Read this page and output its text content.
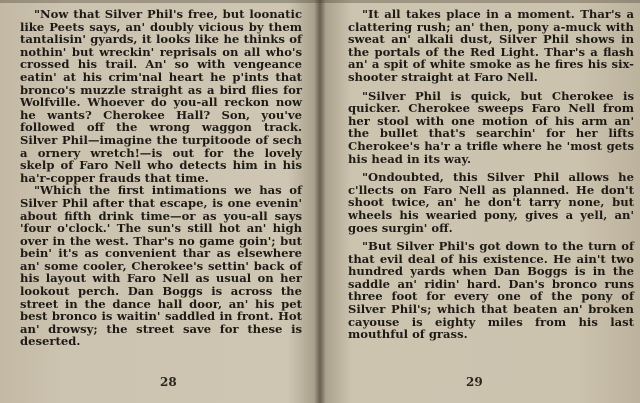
"Now that Silver Phil's free, but loonatic like Peets says, an' doubly vicious by them tantalisin' gyards, it looks like he thinks of nothin' but wreckin' reprisals on all who's crossed his trail. An' so with vengeance eatin' at his crim'nal heart he p'ints that bronco's muzzle straight as a bird flies for Wolfville. Whoever do you-all reckon now he wants? Cherokee Hall? Son, you've followed off the wrong waggon track. Silver Phil—imagine the turpitoode of sech a ornery wretch!—is out for the lovely skelp of Faro Nell who detects him in his ha'r-copper frauds that time.

"Which the first intimations we has of Silver Phil after that escape, is one evenin' about fifth drink time—or as you-all says 'four o'clock.' The sun's still hot an' high over in the west. Thar's no game goin'; but bein' it's as convenient thar as elsewhere an' some cooler, Cherokee's settin' back of his layout with Faro Nell as usual on her lookout perch. Dan Boggs is across the street in the dance hall door, an' his pet best bronco is waitin' saddled in front. Hot an' drowsy; the street save for these is deserted.

28

"It all takes place in a moment. Thar's a clattering rush; an' then, pony a-muck with sweat an' alkali dust, Silver Phil shows in the portals of the Red Light. Thar's a flash an' a spit of white smoke as he fires his six-shooter straight at Faro Nell.

"Silver Phil is quick, but Cherokee is quicker. Cherokee sweeps Faro Nell from her stool with one motion of his arm an' the bullet that's searchin' for her lifts Cherokee's ha'r a trifle where he 'most gets his head in its way.

"Ondoubted, this Silver Phil allows he c'llects on Faro Nell as planned. He don't shoot twice, an' he don't tarry none, but wheels his wearied pony, gives a yell, an' goes surgin' off.

"But Silver Phil's got down to the turn of that evil deal of his existence. He ain't two hundred yards when Dan Boggs is in the saddle an' ridin' hard. Dan's bronco runs three foot for every one of the pony of Silver Phil's; which that beaten an' broken cayouse is eighty miles from his last mouthful of grass.

29
